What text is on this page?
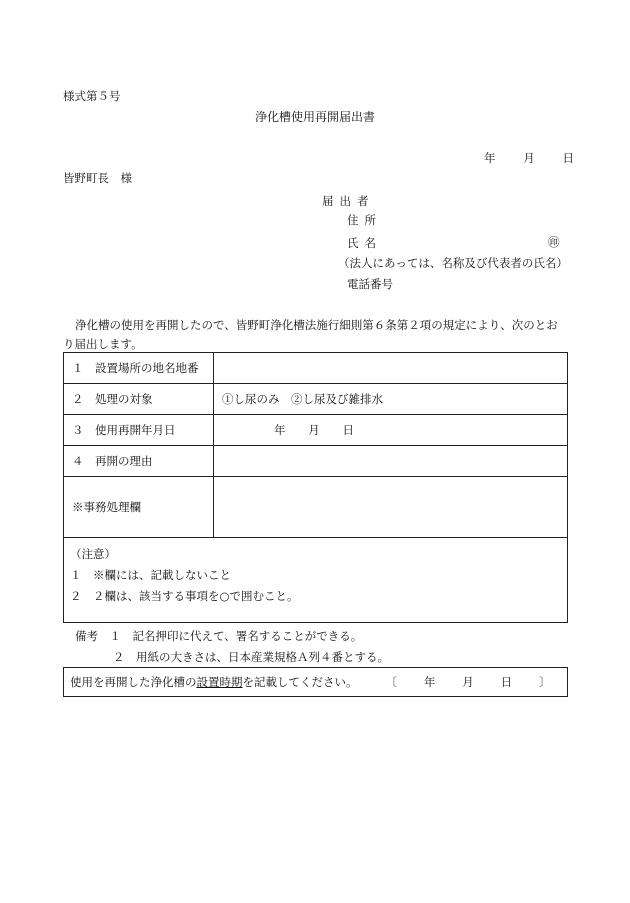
様式第５号
浄化槽使用再開届出書
年 月 日
皆野町長　様
届出者
住所
氏名	㊞
（法人にあっては、名称及び代表者の氏名）
電話番号
浄化槽の使用を再開したので、皆野町浄化槽法施行細則第６条第２項の規定により、次のとおり届出します。
１　設置場所の地名地番	
２　処理の対象	①し尿のみ　②し尿及び雑排水
３　使用再開年月日	年 月 日

４　再開の理由	
※事務処理欄	

（注意）
１　※欄には、記載しないこと
２　２欄は、該当する事項を○で囲むこと。	
備考　１　記名押印に代えて、署名することができる。
２　用紙の大きさは、日本産業規格Ａ列４番とする。
使用を再開した浄化槽の 設置時期 を記載してください。 〔 年 月 日 〕
